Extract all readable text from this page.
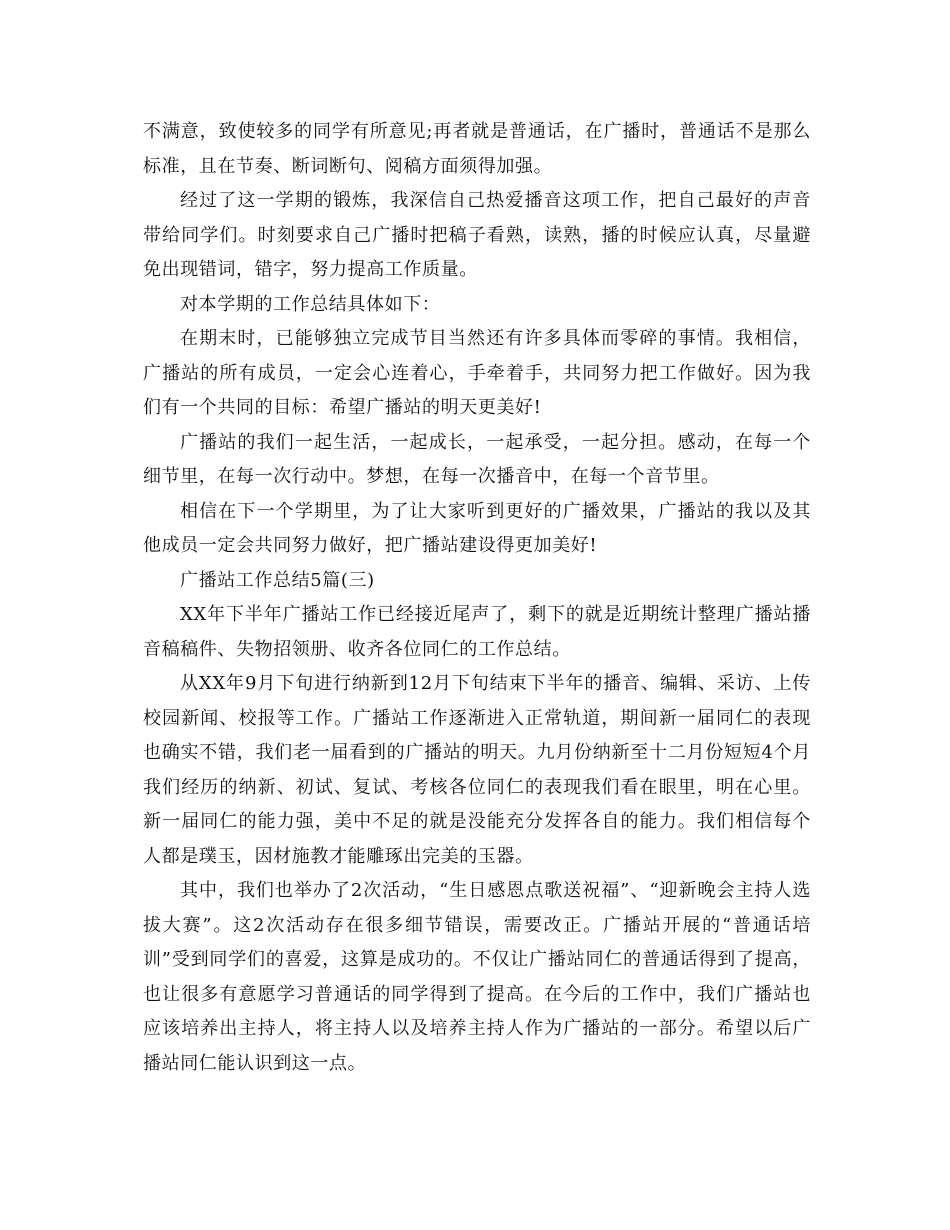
不满意，致使较多的同学有所意见;再者就是普通话，在广播时，普通话不是那么标准，且在节奏、断词断句、阅稿方面须得加强。

经过了这一学期的锻炼，我深信自己热爱播音这项工作，把自己最好的声音带给同学们。时刻要求自己广播时把稿子看熟，读熟，播的时候应认真，尽量避免出现错词，错字，努力提高工作质量。

对本学期的工作总结具体如下：

在期末时，已能够独立完成节目当然还有许多具体而零碎的事情。我相信，广播站的所有成员，一定会心连着心，手牵着手，共同努力把工作做好。因为我们有一个共同的目标：希望广播站的明天更美好!

广播站的我们一起生活，一起成长，一起承受，一起分担。感动，在每一个细节里，在每一次行动中。梦想，在每一次播音中，在每一个音节里。

相信在下一个学期里，为了让大家听到更好的广播效果，广播站的我以及其他成员一定会共同努力做好，把广播站建设得更加美好!

广播站工作总结5篇(三)

XX年下半年广播站工作已经接近尾声了，剩下的就是近期统计整理广播站播音稿稿件、失物招领册、收齐各位同仁的工作总结。

从XX年9月下旬进行纳新到12月下旬结束下半年的播音、编辑、采访、上传校园新闻、校报等工作。广播站工作逐渐进入正常轨道，期间新一届同仁的表现也确实不错，我们老一届看到的广播站的明天。九月份纳新至十二月份短短4个月我们经历的纳新、初试、复试、考核各位同仁的表现我们看在眼里，明在心里。新一届同仁的能力强，美中不足的就是没能充分发挥各自的能力。我们相信每个人都是璞玉，因材施教才能雕琢出完美的玉器。

其中，我们也举办了2次活动，“生日感恩点歌送祝福”、“迎新晚会主持人选拔大赛”。这2次活动存在很多细节错误，需要改正。广播站开展的“普通话培训”受到同学们的喜爱，这算是成功的。不仅让广播站同仁的普通话得到了提高，也让很多有意愿学习普通话的同学得到了提高。在今后的工作中，我们广播站也应该培养出主持人，将主持人以及培养主持人作为广播站的一部分。希望以后广播站同仁能认识到这一点。
